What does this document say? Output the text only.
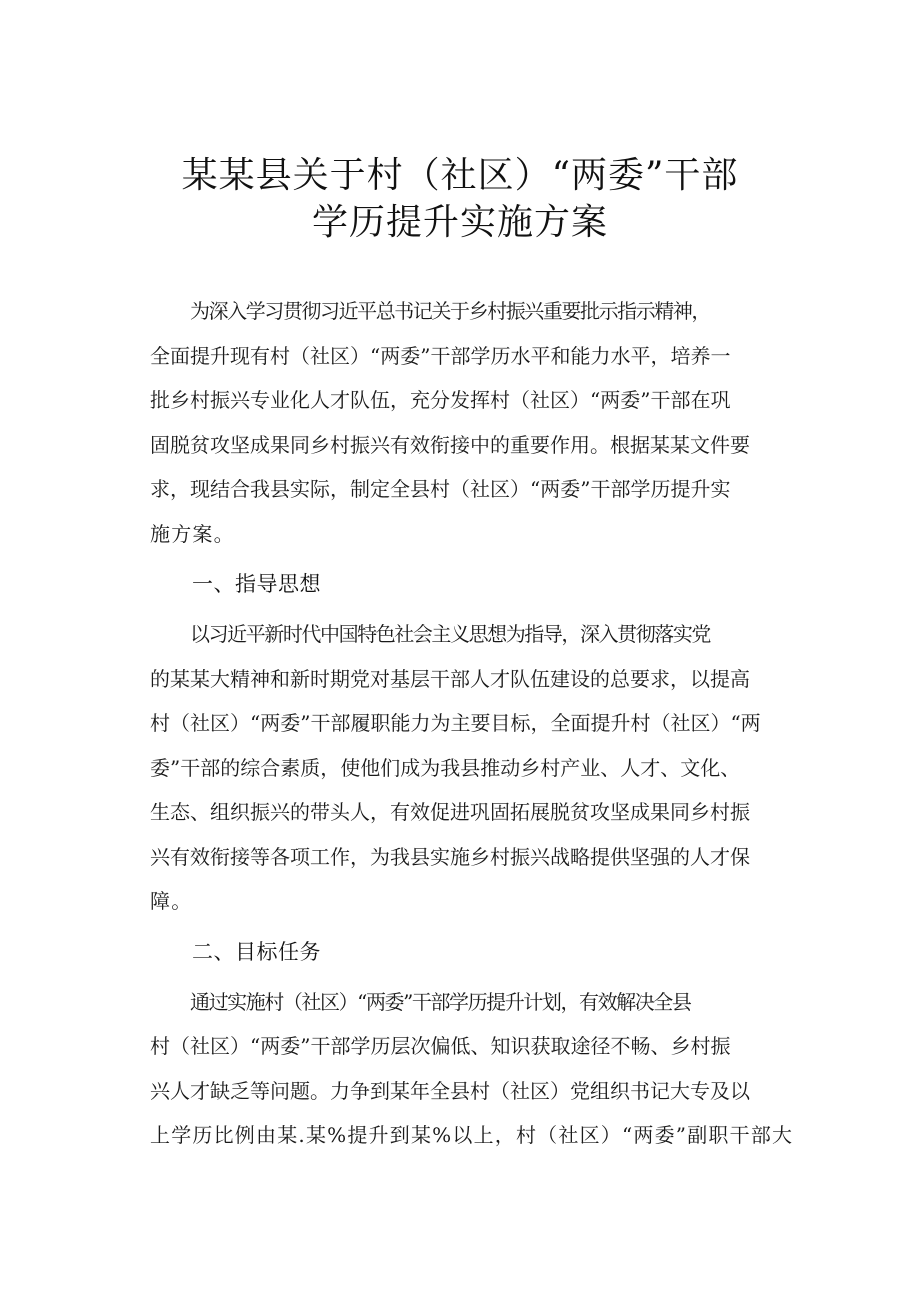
某某县关于村（社区）“两委”干部
学历提升实施方案
为深入学习贯彻习近平总书记关于乡村振兴重要批示指示精神，
全面提升现有村（社区）“两委”干部学历水平和能力水平，培养一
批乡村振兴专业化人才队伍，充分发挥村（社区）“两委”干部在巩
固脱贫攻坚成果同乡村振兴有效衔接中的重要作用。根据某某文件要
求，现结合我县实际，制定全县村（社区）“两委”干部学历提升实
施方案。
一、指导思想
以习近平新时代中国特色社会主义思想为指导，深入贯彻落实党
的某某大精神和新时期党对基层干部人才队伍建设的总要求，以提高
村（社区）“两委”干部履职能力为主要目标，全面提升村（社区）“两
委”干部的综合素质，使他们成为我县推动乡村产业、人才、文化、
生态、组织振兴的带头人，有效促进巩固拓展脱贫攻坚成果同乡村振
兴有效衔接等各项工作，为我县实施乡村振兴战略提供坚强的人才保
障。
二、目标任务
通过实施村（社区）“两委”干部学历提升计划，有效解决全县
村（社区）“两委”干部学历层次偏低、知识获取途径不畅、乡村振
兴人才缺乏等问题。力争到某年全县村（社区）党组织书记大专及以
上学历比例由某.某%提升到某%以上，村（社区）“两委”副职干部大
